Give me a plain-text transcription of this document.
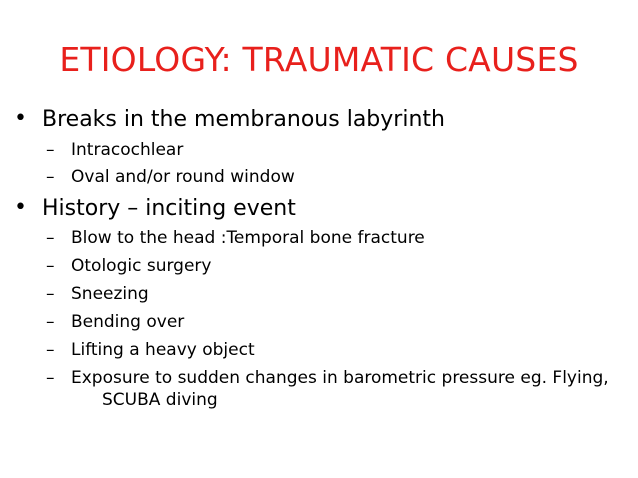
ETIOLOGY: TRAUMATIC CAUSES
• Breaks in the membranous labyrinth
– Intracochlear
– Oval and/or round window
• History – inciting event
– Blow to the head :Temporal bone fracture
– Otologic surgery
– Sneezing
– Bending over
– Lifting a heavy object
– Exposure to sudden changes in barometric pressure eg. Flying,
SCUBA diving
